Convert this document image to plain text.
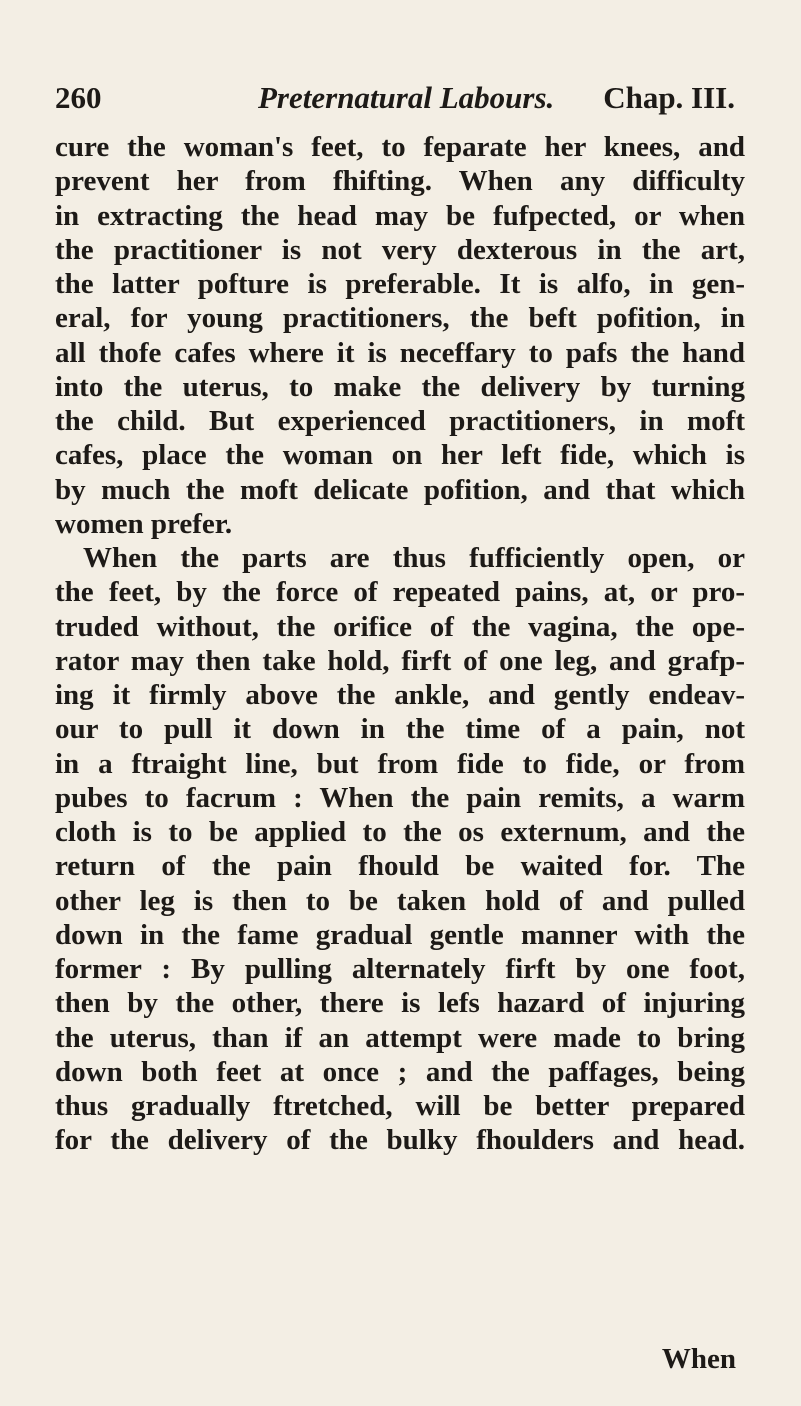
260	Preternatural Labours. Chap. III.
cure the woman's feet, to feparate her knees, and
prevent her from fhifting. When any difficulty
in extracting the head may be fufpected, or when
the practitioner is not very dexterous in the art,
the latter pofture is preferable. It is alfo, in gen-
eral, for young practitioners, the beft pofition, in
all thofe cafes where it is neceffary to pafs the hand
into the uterus, to make the delivery by turning
the child. But experienced practitioners, in moft
cafes, place the woman on her left fide, which is
by much the moft delicate pofition, and that which
women prefer.
When the parts are thus fufficiently open, or
the feet, by the force of repeated pains, at, or pro-
truded without, the orifice of the vagina, the ope-
rator may then take hold, firft of one leg, and grafp-
ing it firmly above the ankle, and gently endeav-
our to pull it down in the time of a pain, not
in a ftraight line, but from fide to fide, or from
pubes to facrum : When the pain remits, a warm
cloth is to be applied to the os externum, and the
return of the pain fhould be waited for. The
other leg is then to be taken hold of and pulled
down in the fame gradual gentle manner with the
former : By pulling alternately firft by one foot,
then by the other, there is lefs hazard of injuring
the uterus, than if an attempt were made to bring
down both feet at once ; and the paffages, being
thus gradually ftretched, will be better prepared
for the delivery of the bulky fhoulders and head.
When
